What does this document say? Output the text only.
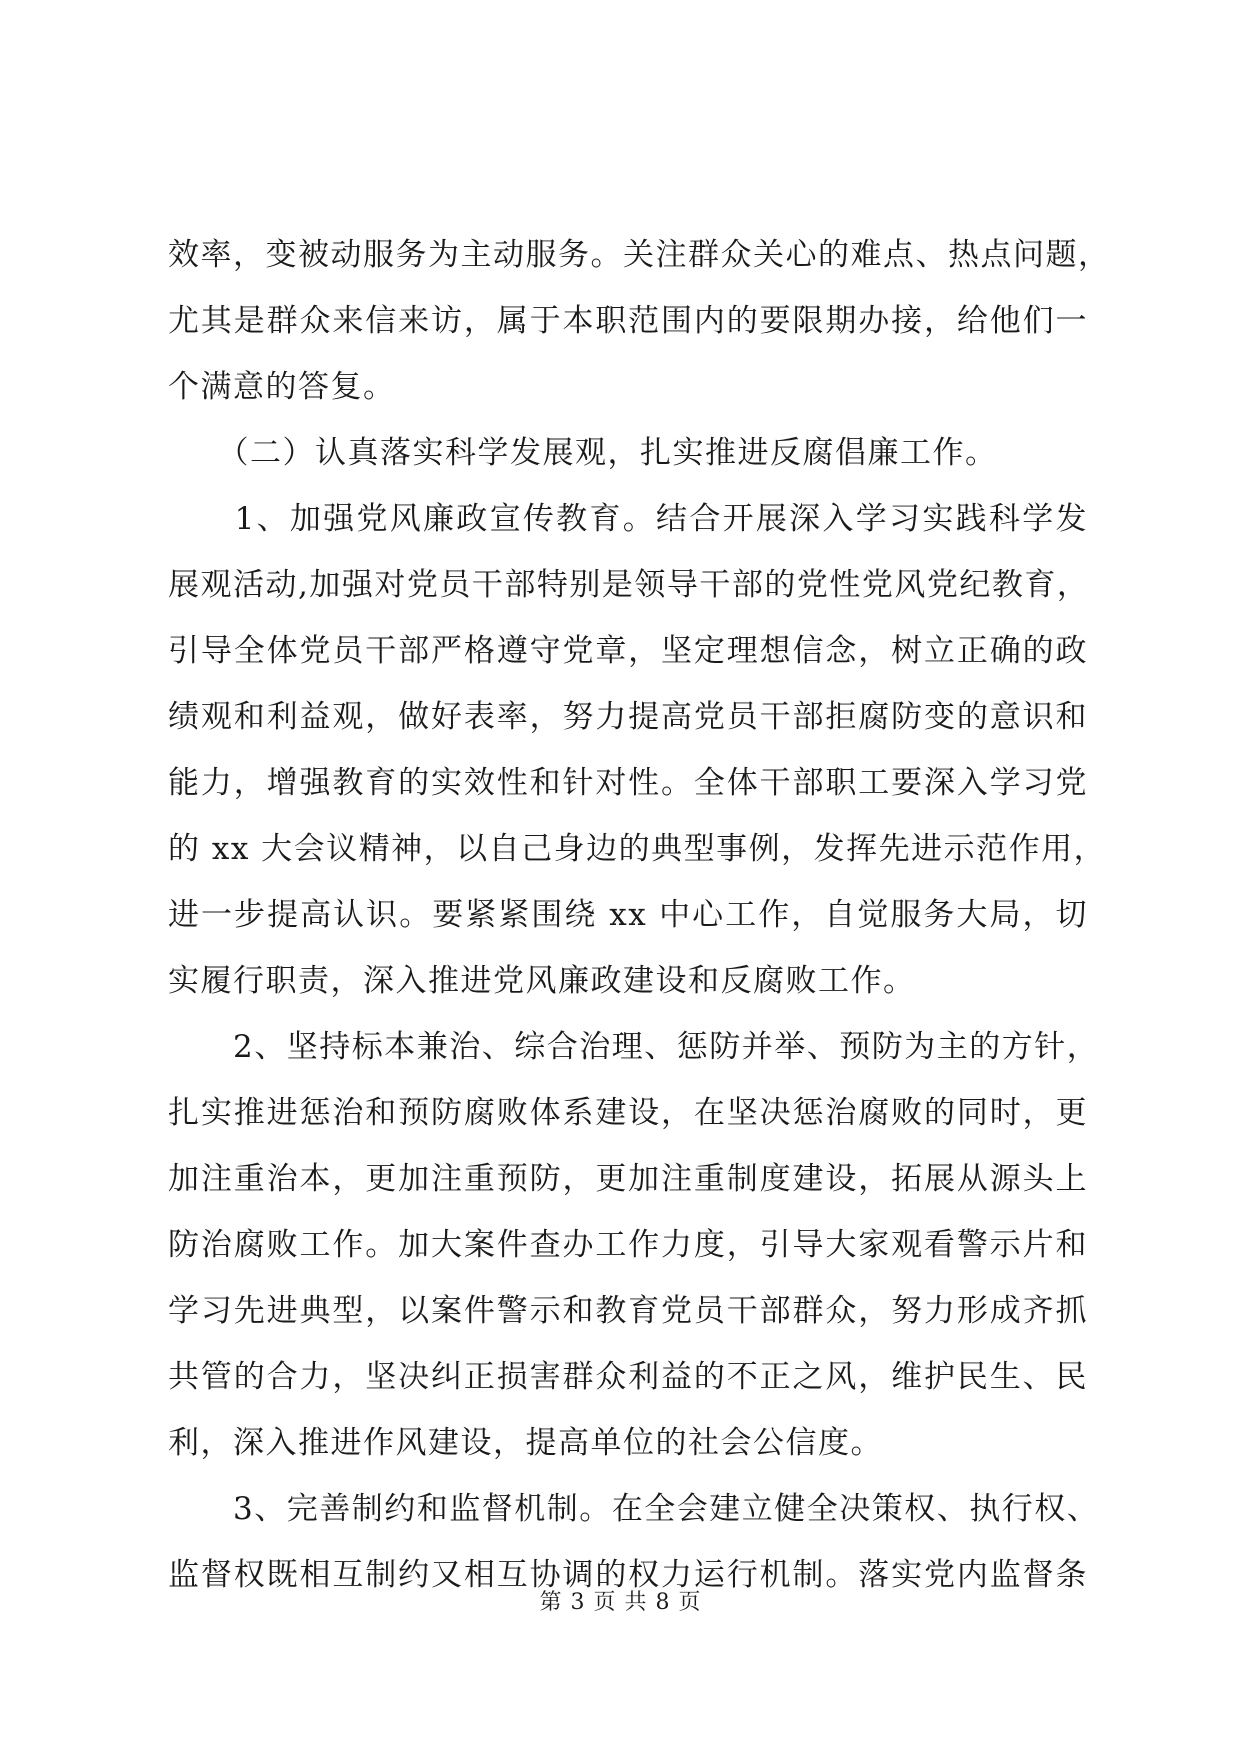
效率，变被动服务为主动服务。关注群众关心的难点、热点问题，
尤其是群众来信来访，属于本职范围内的要限期办接，给他们一
个满意的答复。
　　（二）认真落实科学发展观，扎实推进反腐倡廉工作。
　　1、加强党风廉政宣传教育。结合开展深入学习实践科学发
展观活动,加强对党员干部特别是领导干部的党性党风党纪教育，
引导全体党员干部严格遵守党章，坚定理想信念，树立正确的政
绩观和利益观，做好表率，努力提高党员干部拒腐防变的意识和
能力，增强教育的实效性和针对性。全体干部职工要深入学习党
的 xx 大会议精神，以自己身边的典型事例，发挥先进示范作用，
进一步提高认识。要紧紧围绕 xx 中心工作，自觉服务大局，切
实履行职责，深入推进党风廉政建设和反腐败工作。
　　2、坚持标本兼治、综合治理、惩防并举、预防为主的方针，
扎实推进惩治和预防腐败体系建设，在坚决惩治腐败的同时，更
加注重治本，更加注重预防，更加注重制度建设，拓展从源头上
防治腐败工作。加大案件查办工作力度，引导大家观看警示片和
学习先进典型，以案件警示和教育党员干部群众，努力形成齐抓
共管的合力，坚决纠正损害群众利益的不正之风，维护民生、民
利，深入推进作风建设，提高单位的社会公信度。
　　3、完善制约和监督机制。在全会建立健全决策权、执行权、
监督权既相互制约又相互协调的权力运行机制。落实党内监督条
第 3 页 共 8 页
